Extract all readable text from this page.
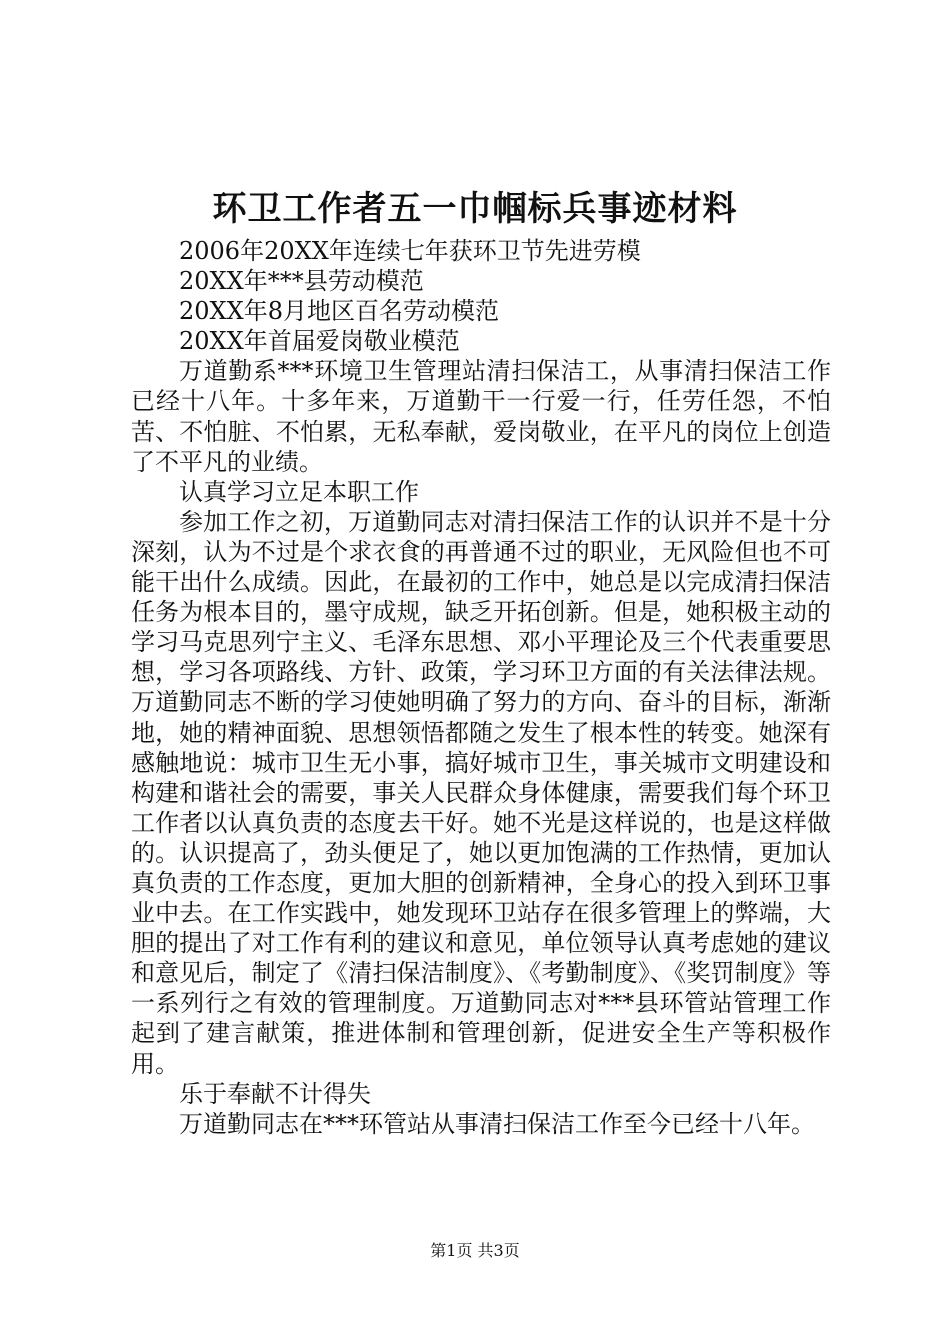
环卫工作者五一巾帼标兵事迹材料

2006年20XX年连续七年获环卫节先进劳模

20XX年***县劳动模范

20XX年8月地区百名劳动模范

20XX年首届爱岗敬业模范

万道勤系***环境卫生管理站清扫保洁工，从事清扫保洁工作已经十八年。十多年来，万道勤干一行爱一行，任劳任怨，不怕苦、不怕脏、不怕累，无私奉献，爱岗敬业，在平凡的岗位上创造了不平凡的业绩。

认真学习立足本职工作

参加工作之初，万道勤同志对清扫保洁工作的认识并不是十分深刻，认为不过是个求衣食的再普通不过的职业，无风险但也不可能干出什么成绩。因此，在最初的工作中，她总是以完成清扫保洁任务为根本目的，墨守成规，缺乏开拓创新。但是，她积极主动的学习马克思列宁主义、毛泽东思想、邓小平理论及三个代表重要思想，学习各项路线、方针、政策，学习环卫方面的有关法律法规。万道勤同志不断的学习使她明确了努力的方向、奋斗的目标，渐渐地，她的精神面貌、思想领悟都随之发生了根本性的转变。她深有感触地说：城市卫生无小事，搞好城市卫生，事关城市文明建设和构建和谐社会的需要，事关人民群众身体健康，需要我们每个环卫工作者以认真负责的态度去干好。她不光是这样说的，也是这样做的。认识提高了，劲头便足了，她以更加饱满的工作热情，更加认真负责的工作态度，更加大胆的创新精神，全身心的投入到环卫事业中去。在工作实践中，她发现环卫站存在很多管理上的弊端，大胆的提出了对工作有利的建议和意见，单位领导认真考虑她的建议和意见后，制定了《清扫保洁制度》、《考勤制度》、《奖罚制度》等一系列行之有效的管理制度。万道勤同志对***县环管站管理工作起到了建言献策，推进体制和管理创新，促进安全生产等积极作用。

乐于奉献不计得失

万道勤同志在***环管站从事清扫保洁工作至今已经十八年。

第1页 共3页
